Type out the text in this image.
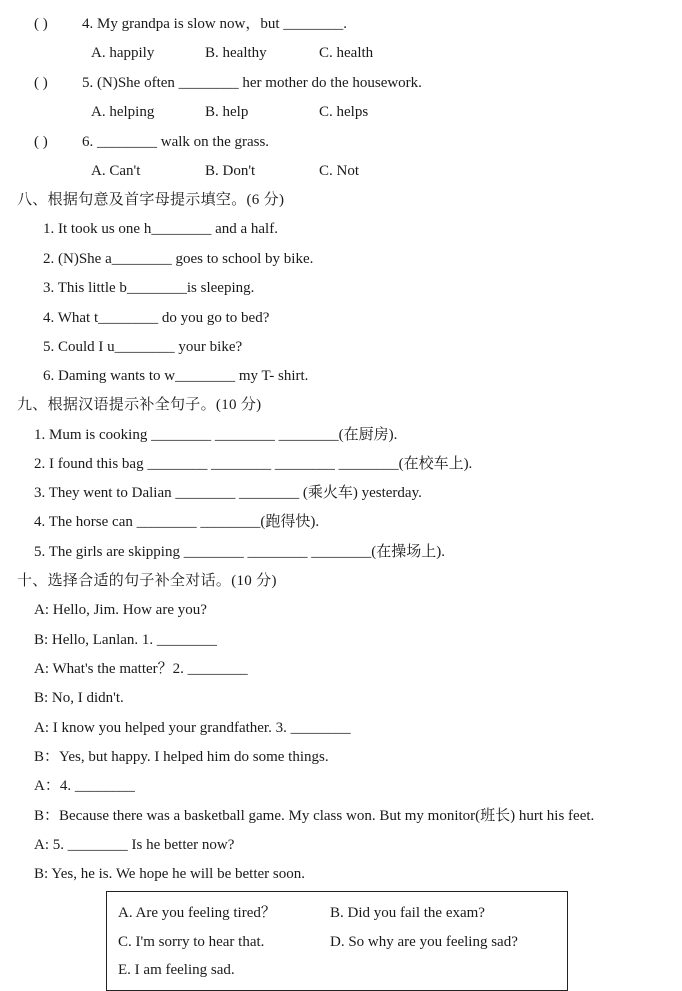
( ) 4. My grandpa is slow now，but ________.
A. happily	B. healthy	C. health
( ) 5. (N)She often ________ her mother do the housework.
A. helping	B. help	C. helps
( ) 6. ________ walk on the grass.
A. Can't	B. Don't	C. Not
八、根据句意及首字母提示填空。(6 分)
1. It took us one h________ and a half.
2. (N)She a________ goes to school by bike.
3. This little b________is sleeping.
4. What t________ do you go to bed?
5. Could I u________ your bike?
6. Daming wants to w________ my T- shirt.
九、根据汉语提示补全句子。(10 分)
1. Mum is cooking ________ ________ ________(在厨房).
2. I found this bag ________ ________ ________ ________(在校车上).
3. They went to Dalian ________ ________ (乘火车) yesterday.
4. The horse can ________ ________(跑得快).
5. The girls are skipping ________ ________ ________(在操场上).
十、选择合适的句子补全对话。(10 分)
A: Hello, Jim. How are you?
B: Hello, Lanlan. 1. ________
A: What's the matter？2. ________
B: No, I didn't.
A: I know you helped your grandfather. 3. ________
B：Yes, but happy. I helped him do some things.
A：4. ________
B：Because there was a basketball game. My class won. But my monitor(班长) hurt his feet.
A: 5. ________ Is he better now?
B: Yes, he is. We hope he will be better soon.
A. Are you feeling tired？	B. Did you fail the exam?
C. I'm sorry to hear that.	D. So why are you feeling sad?
E. I am feeling sad.
